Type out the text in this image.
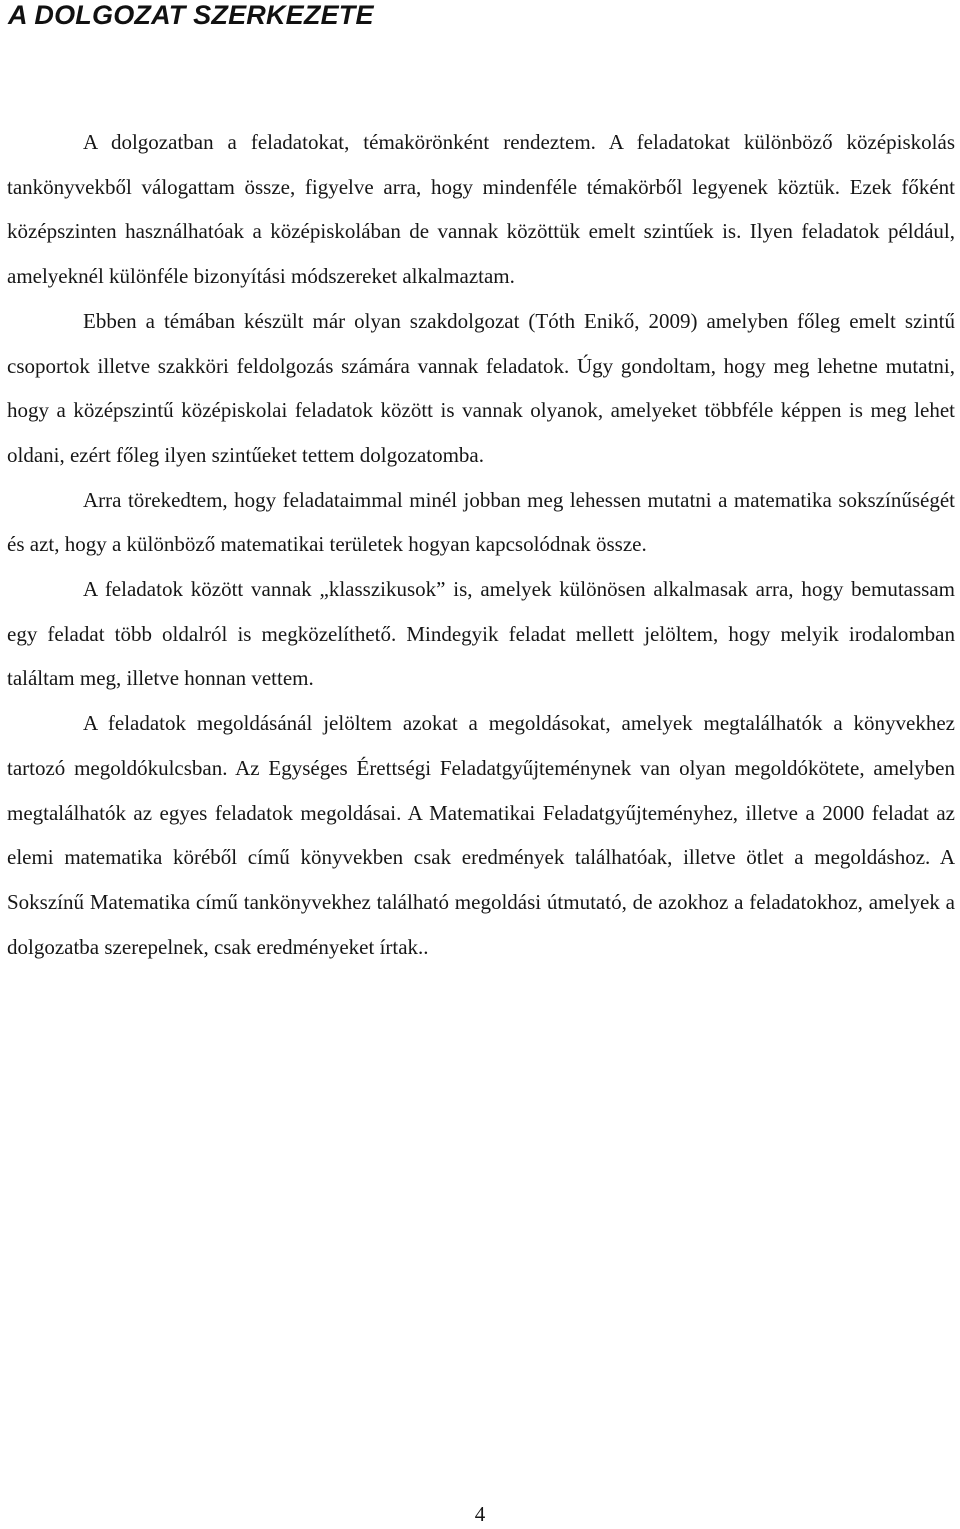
A DOLGOZAT SZERKEZETE

A dolgozatban a feladatokat, témakörönként rendeztem. A feladatokat különböző középiskolás tankönyvekből válogattam össze, figyelve arra, hogy mindenféle témakörből legyenek köztük. Ezek főként középszinten használhatóak a középiskolában de vannak közöttük emelt szintűek is. Ilyen feladatok például, amelyeknél különféle bizonyítási módszereket alkalmaztam.

Ebben a témában készült már olyan szakdolgozat (Tóth Enikő, 2009) amelyben főleg emelt szintű csoportok illetve szakköri feldolgozás számára vannak feladatok. Úgy gondoltam, hogy meg lehetne mutatni, hogy a középszintű középiskolai feladatok között is vannak olyanok, amelyeket többféle képpen is meg lehet oldani, ezért főleg ilyen szintűeket tettem dolgozatomba.

Arra törekedtem, hogy feladataimmal minél jobban meg lehessen mutatni a matematika sokszínűségét és azt, hogy a különböző matematikai területek hogyan kapcsolódnak össze.

A feladatok között vannak „klasszikusok” is, amelyek különösen alkalmasak arra, hogy bemutassam egy feladat több oldalról is megközelíthető. Mindegyik feladat mellett jelöltem, hogy melyik irodalomban találtam meg, illetve honnan vettem.

A feladatok megoldásánál jelöltem azokat a megoldásokat, amelyek megtalálhatók a könyvekhez tartozó megoldókulcsban. Az Egységes Érettségi Feladatgyűjteménynek van olyan megoldókötete, amelyben megtalálhatók az egyes feladatok megoldásai. A Matematikai Feladatgyűjteményhez, illetve a 2000 feladat az elemi matematika köréből című könyvekben csak eredmények találhatóak, illetve ötlet a megoldáshoz. A Sokszínű Matematika című tankönyvekhez található megoldási útmutató, de azokhoz a feladatokhoz, amelyek a dolgozatba szerepelnek, csak eredményeket írtak..

4
